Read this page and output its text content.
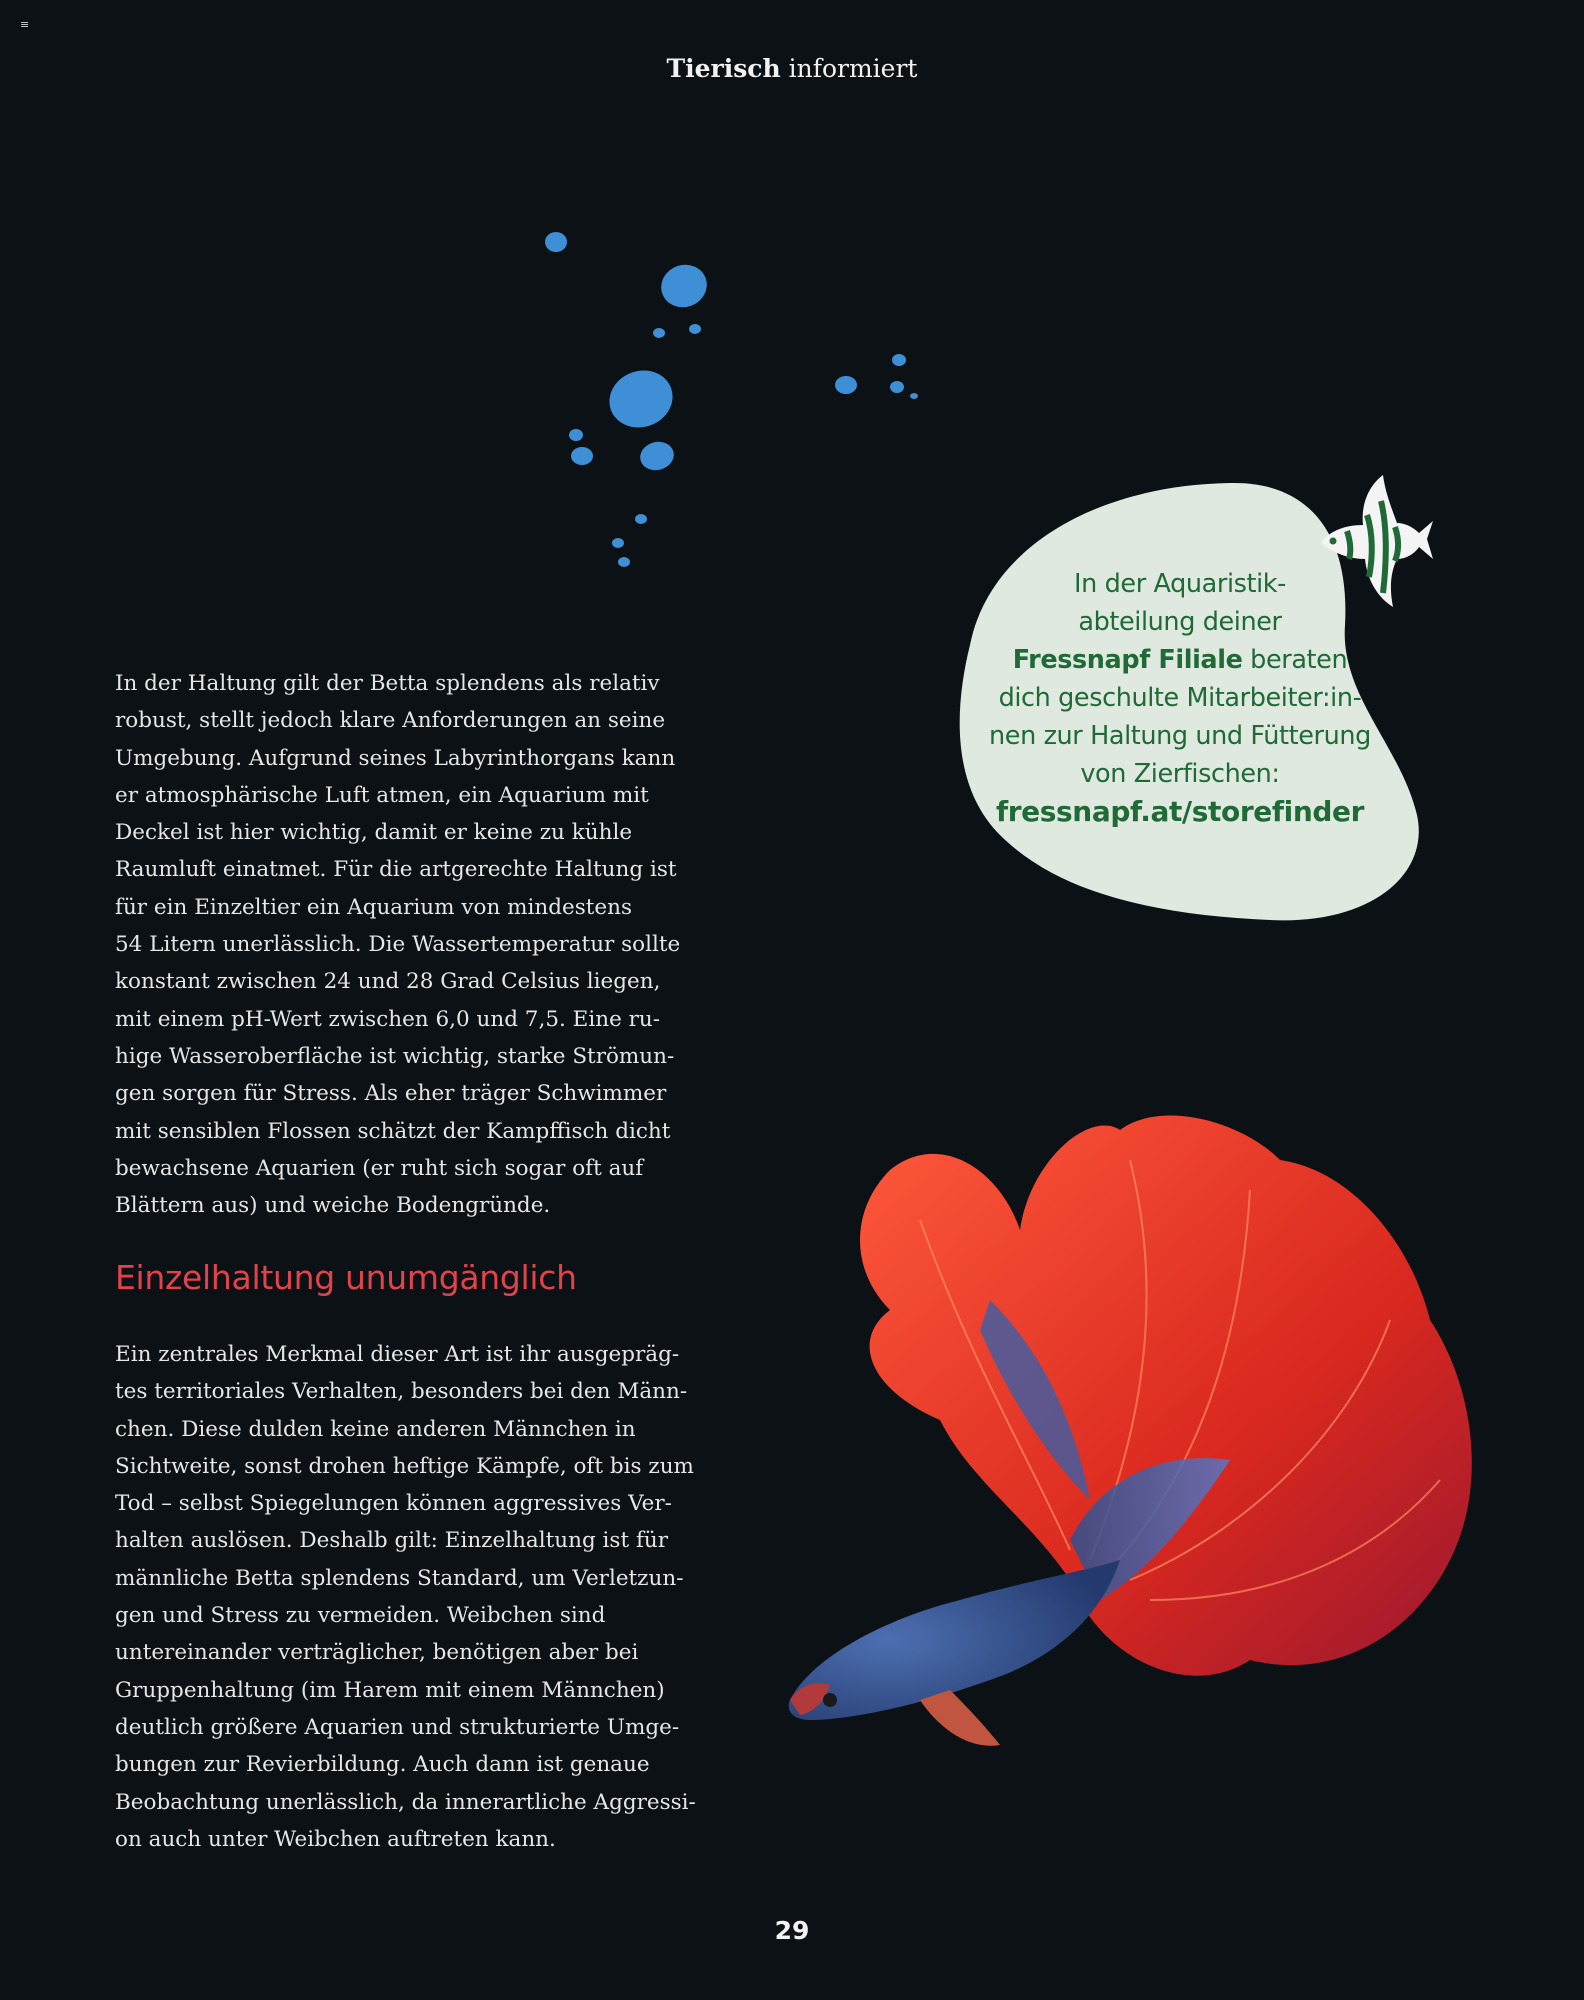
≡
Tierisch informiert
In der Haltung gilt der Betta splendens als relativ
robust, stellt jedoch klare Anforderungen an seine
Umgebung. Aufgrund seines Labyrinthorgans kann
er atmosphärische Luft atmen, ein Aquarium mit
Deckel ist hier wichtig, damit er keine zu kühle
Raumluft einatmet. Für die artgerechte Haltung ist
für ein Einzeltier ein Aquarium von mindestens
54 Litern unerlässlich. Die Wassertemperatur sollte
konstant zwischen 24 und 28 Grad Celsius liegen,
mit einem pH-Wert zwischen 6,0 und 7,5. Eine ru-
hige Wasseroberfläche ist wichtig, starke Strömun-
gen sorgen für Stress. Als eher träger Schwimmer
mit sensiblen Flossen schätzt der Kampffisch dicht
bewachsene Aquarien (er ruht sich sogar oft auf
Blättern aus) und weiche Bodengründe.
Einzelhaltung unumgänglich
Ein zentrales Merkmal dieser Art ist ihr ausgepräg-
tes territoriales Verhalten, besonders bei den Männ-
chen. Diese dulden keine anderen Männchen in
Sichtweite, sonst drohen heftige Kämpfe, oft bis zum
Tod – selbst Spiegelungen können aggressives Ver-
halten auslösen. Deshalb gilt: Einzelhaltung ist für
männliche Betta splendens Standard, um Verletzun-
gen und Stress zu vermeiden. Weibchen sind
untereinander verträglicher, benötigen aber bei
Gruppenhaltung (im Harem mit einem Männchen)
deutlich größere Aquarien und strukturierte Umge-
bungen zur Revierbildung. Auch dann ist genaue
Beobachtung unerlässlich, da innerartliche Aggressi-
on auch unter Weibchen auftreten kann.
In der Aquaristik-
abteilung deiner
Fressnapf Filiale beraten
dich geschulte Mitarbeiter:in-
nen zur Haltung und Fütterung
von Zierfischen:
fressnapf.at/storefinder
29
